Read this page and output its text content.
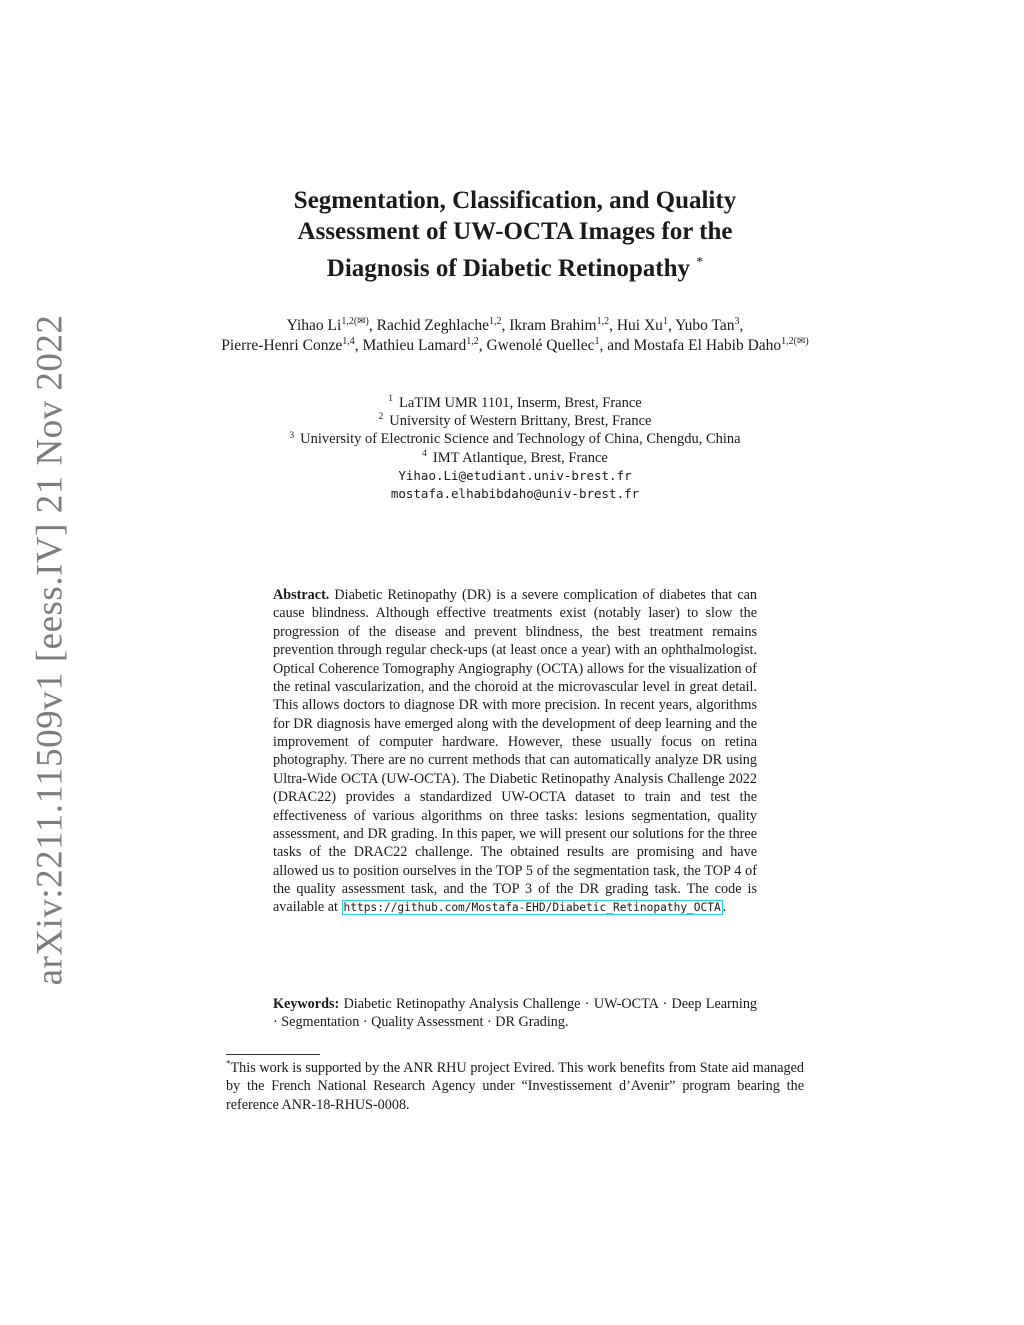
arXiv:2211.11509v1 [eess.IV] 21 Nov 2022
Segmentation, Classification, and Quality
Assessment of UW-OCTA Images for the
Diagnosis of Diabetic Retinopathy *
Yihao $Li^{1,2(✉)}$, Rachid Zeghlache$^{1,2}$, Ikram Brahim$^{1,2}$, Hui Xu$^1$, Yubo Tan$^3$,
Pierre-Henri Conze$^{1,4}$, Mathieu Lamard$^{1,2}$, Gwenolé Quellec$^1$, and Mostafa El Habib Daho$^{1,2(✉)}$
$^1$ LaTIM UMR 1101, Inserm, Brest, France
$^2$ University of Western Brittany, Brest, France
$^3$ University of Electronic Science and Technology of China, Chengdu, China
$^4$ IMT Atlantique, Brest, France
Yihao.Li@etudiant.univ-brest.fr
mostafa.elhabibdaho@univ-brest.fr
Abstract. Diabetic Retinopathy (DR) is a severe complication of diabetes that can cause blindness. Although effective treatments exist (notably laser) to slow the progression of the disease and prevent blindness, the best treatment remains prevention through regular check-ups (at least once a year) with an ophthalmologist. Optical Coherence Tomography Angiography (OCTA) allows for the visualization of the retinal vascularization, and the choroid at the microvascular level in great detail. This allows doctors to diagnose DR with more precision. In recent years, algorithms for DR diagnosis have emerged along with the development of deep learning and the improvement of computer hardware. However, these usually focus on retina photography. There are no current methods that can automatically analyze DR using Ultra-Wide OCTA (UW-OCTA). The Diabetic Retinopathy Analysis Challenge 2022 (DRAC22) provides a standardized UW-OCTA dataset to train and test the effectiveness of various algorithms on three tasks: lesions segmentation, quality assessment, and DR grading. In this paper, we will present our solutions for the three tasks of the DRAC22 challenge. The obtained results are promising and have allowed us to position ourselves in the TOP 5 of the segmentation task, the TOP 4 of the quality assessment task, and the TOP 3 of the DR grading task. The code is available at https://github.com/Mostafa-EHD/Diabetic_Retinopathy_OCTA .
Keywords: Diabetic Retinopathy Analysis Challenge · UW-OCTA · Deep Learning · Segmentation · Quality Assessment · DR Grading.
*This work is supported by the ANR RHU project Evired. This work benefits from State aid managed by the French National Research Agency under “Investissement d’Avenir” program bearing the reference ANR-18-RHUS-0008.
